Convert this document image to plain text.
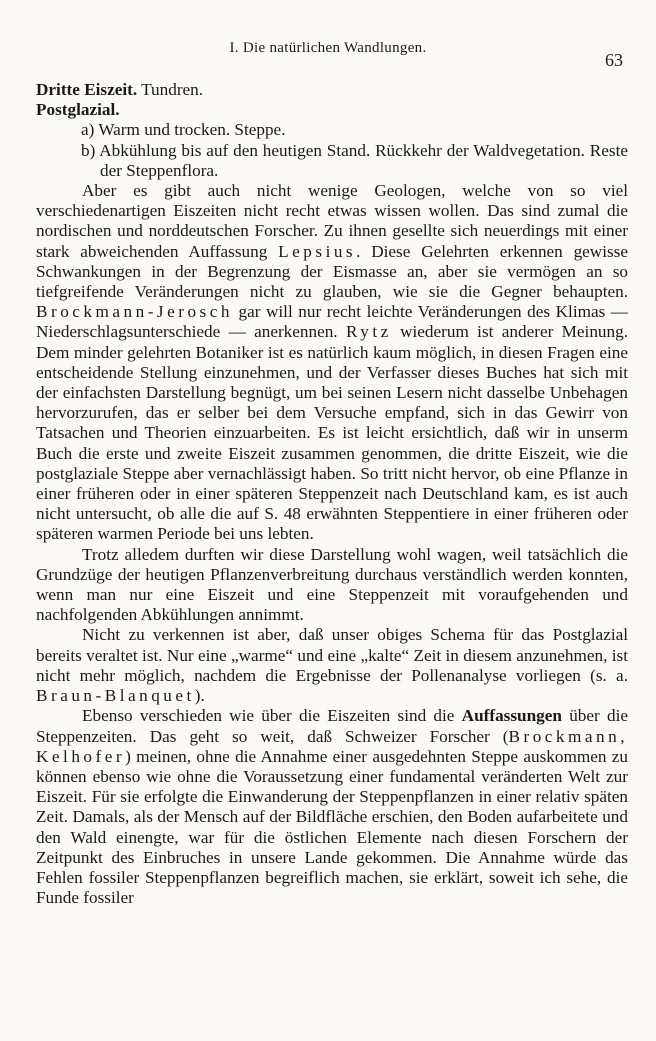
I. Die natürlichen Wandlungen.
63

Dritte Eiszeit. Tundren.

Postglazial.

a) Warm und trocken. Steppe.

b) Abkühlung bis auf den heutigen Stand. Rückkehr der Waldvegetation. Reste der Steppenflora.

Aber es gibt auch nicht wenige Geologen, welche von so viel verschiedenartigen Eiszeiten nicht recht etwas wissen wollen. Das sind zumal die nordischen und norddeutschen Forscher. Zu ihnen gesellte sich neuerdings mit einer stark abweichenden Auffassung Lepsius. Diese Gelehrten erkennen gewisse Schwankungen in der Begrenzung der Eismasse an, aber sie vermögen an so tiefgreifende Veränderungen nicht zu glauben, wie sie die Gegner behaupten. Brockmann-Jerosch gar will nur recht leichte Veränderungen des Klimas — Niederschlagsunterschiede — anerkennen. Rytz wiederum ist anderer Meinung. Dem minder gelehrten Botaniker ist es natürlich kaum möglich, in diesen Fragen eine entscheidende Stellung einzunehmen, und der Verfasser dieses Buches hat sich mit der einfachsten Darstellung begnügt, um bei seinen Lesern nicht dasselbe Unbehagen hervorzurufen, das er selber bei dem Versuche empfand, sich in das Gewirr von Tatsachen und Theorien einzuarbeiten. Es ist leicht ersichtlich, daß wir in unserm Buch die erste und zweite Eiszeit zusammen genommen, die dritte Eiszeit, wie die postglaziale Steppe aber vernachlässigt haben. So tritt nicht hervor, ob eine Pflanze in einer früheren oder in einer späteren Steppenzeit nach Deutschland kam, es ist auch nicht untersucht, ob alle die auf S. 48 erwähnten Steppentiere in einer früheren oder späteren warmen Periode bei uns lebten.

Trotz alledem durften wir diese Darstellung wohl wagen, weil tatsächlich die Grundzüge der heutigen Pflanzenverbreitung durchaus verständlich werden konnten, wenn man nur eine Eiszeit und eine Steppenzeit mit voraufgehenden und nachfolgenden Abkühlungen annimmt.

Nicht zu verkennen ist aber, daß unser obiges Schema für das Postglazial bereits veraltet ist. Nur eine „warme“ und eine „kalte“ Zeit in diesem anzunehmen, ist nicht mehr möglich, nachdem die Ergebnisse der Pollenanalyse vorliegen (s. a. Braun-Blanquet).

Ebenso verschieden wie über die Eiszeiten sind die Auffassungen über die Steppenzeiten. Das geht so weit, daß Schweizer Forscher (Brockmann, Kelhofer) meinen, ohne die Annahme einer ausgedehnten Steppe auskommen zu können ebenso wie ohne die Voraussetzung einer fundamental veränderten Welt zur Eiszeit. Für sie erfolgte die Einwanderung der Steppenpflanzen in einer relativ späten Zeit. Damals, als der Mensch auf der Bildfläche erschien, den Boden aufarbeitete und den Wald einengte, war für die östlichen Elemente nach diesen Forschern der Zeitpunkt des Einbruches in unsere Lande gekommen. Die Annahme würde das Fehlen fossiler Steppenpflanzen begreiflich machen, sie erklärt, soweit ich sehe, die Funde fossiler
